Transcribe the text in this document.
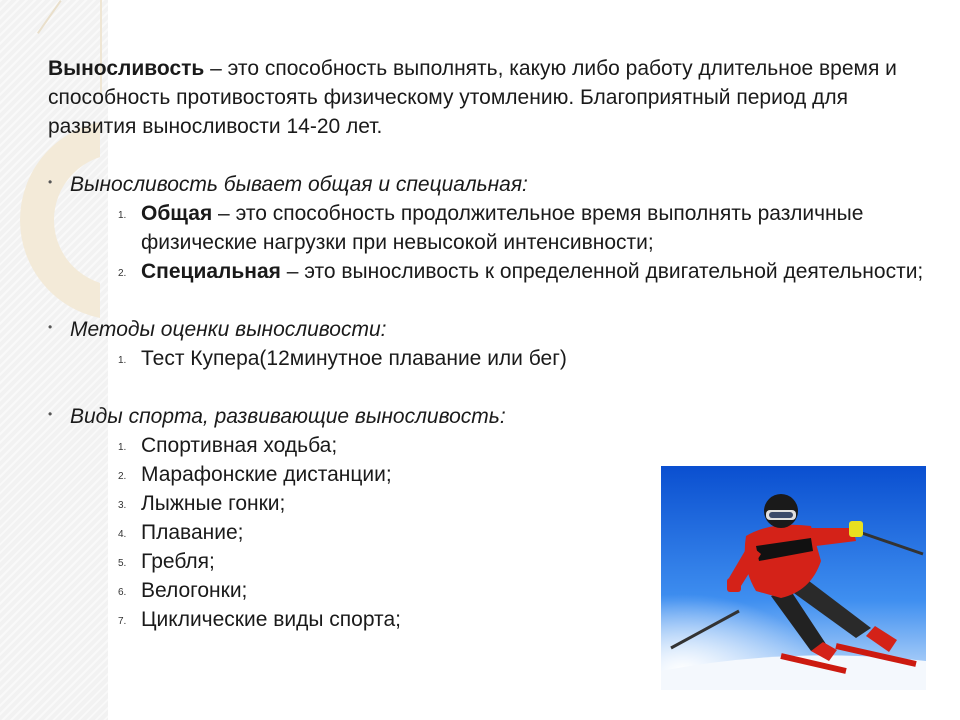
Выносливость – это способность выполнять, какую либо работу длительное время и способность противостоять физическому утомлению. Благоприятный период для развития выносливости 14-20 лет.

• Выносливость бывает общая и специальная:

1. Общая – это способность продолжительное время выполнять различные физические нагрузки при невысокой интенсивности;
2. Специальная – это выносливость к определенной двигательной деятельности;

• Методы оценки выносливости:

1. Тест Купера(12минутное плавание или бег)

• Виды спорта, развивающие выносливость:

1. Спортивная ходьба;
2. Марафонские дистанции;
3. Лыжные гонки;
4. Плавание;
5. Гребля;
6. Велогонки;
7. Циклические виды спорта;
